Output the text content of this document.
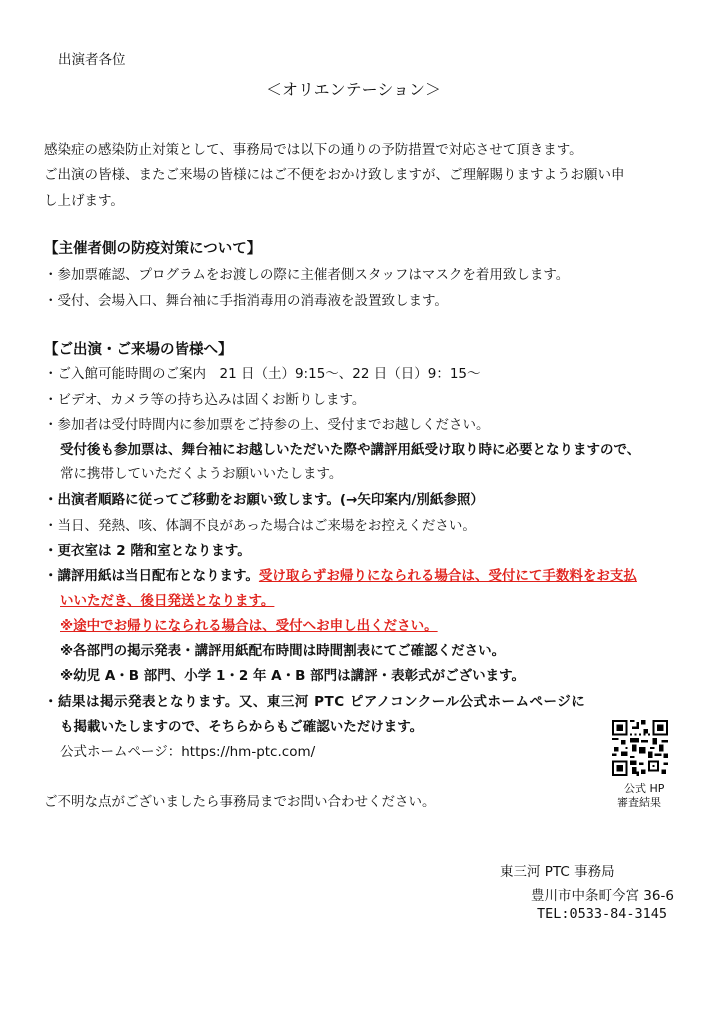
出演者各位
＜オリエンテーション＞
感染症の感染防止対策として、事務局では以下の通りの予防措置で対応させて頂きます。
ご出演の皆様、またご来場の皆様にはご不便をおかけ致しますが、ご理解賜りますようお願い申
し上げます。
【主催者側の防疫対策について】
・参加票確認、プログラムをお渡しの際に主催者側スタッフはマスクを着用致します。
・受付、会場入口、舞台袖に手指消毒用の消毒液を設置致します。
【ご出演・ご来場の皆様へ】
・ご入館可能時間のご案内　21 日（土）9:15～、22 日（日）9：15～
・ビデオ、カメラ等の持ち込みは固くお断りします。
・参加者は受付時間内に参加票をご持参の上、受付までお越しください。
受付後も参加票は、舞台袖にお越しいただいた際や講評用紙受け取り時に必要となりますので、
常に携帯していただくようお願いいたします。
・出演者順路に従ってご移動をお願い致します。(→矢印案内/別紙参照）
・当日、発熱、咳、体調不良があった場合はご来場をお控えください。
・更衣室は 2 階和室となります。
・講評用紙は当日配布となります。受け取らずお帰りになられる場合は、受付にて手数料をお支払
いいただき、後日発送となります。
※途中でお帰りになられる場合は、受付へお申し出ください。
※各部門の掲示発表・講評用紙配布時間は時間割表にてご確認ください。
※幼児 A・B 部門、小学 1・2 年 A・B 部門は講評・表彰式がございます。
・結果は掲示発表となります。又、東三河 PTC ピアノコンクール公式ホームページに
も掲載いたしますので、そちらからもご確認いただけます。
公式ホームページ：https://hm-ptc.com/
公式 HP
審査結果
ご不明な点がございましたら事務局までお問い合わせください。
東三河 PTC 事務局
豊川市中条町今宮 36-6
TEL:0533-84-3145
